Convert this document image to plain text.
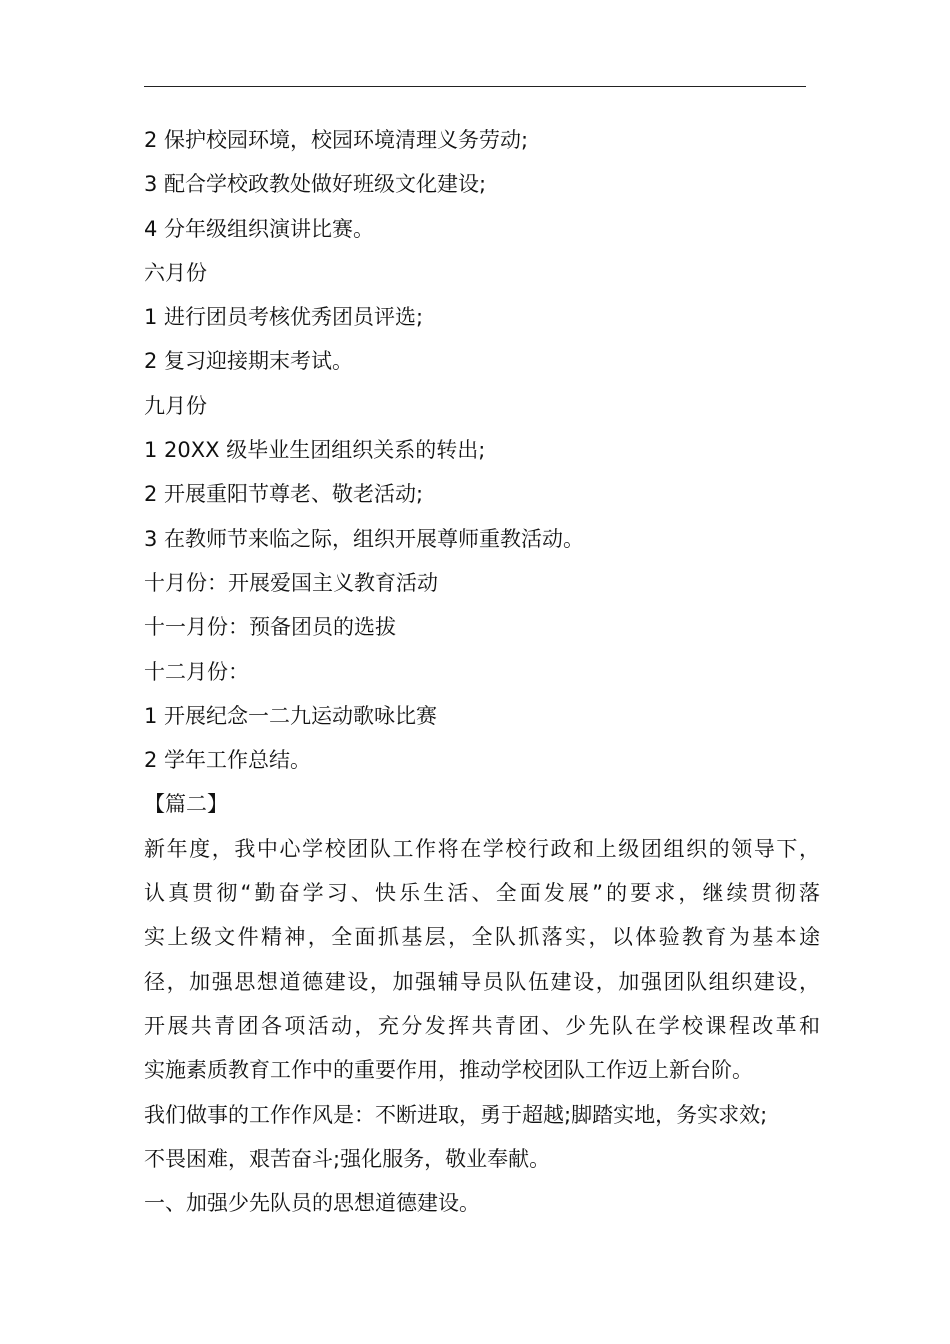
2 保护校园环境，校园环境清理义务劳动;
3 配合学校政教处做好班级文化建设;
4 分年级组织演讲比赛。
六月份
1 进行团员考核优秀团员评选;
2 复习迎接期末考试。
九月份
1 20XX 级毕业生团组织关系的转出;
2 开展重阳节尊老、敬老活动;
3 在教师节来临之际，组织开展尊师重教活动。
十月份：开展爱国主义教育活动
十一月份：预备团员的选拔
十二月份：
1 开展纪念一二九运动歌咏比赛
2 学年工作总结。
【篇二】
新年度，我中心学校团队工作将在学校行政和上级团组织的领导下，
认真贯彻“勤奋学习、快乐生活、全面发展”的要求，继续贯彻落
实上级文件精神，全面抓基层，全队抓落实，以体验教育为基本途
径，加强思想道德建设，加强辅导员队伍建设，加强团队组织建设，
开展共青团各项活动，充分发挥共青团、少先队在学校课程改革和
实施素质教育工作中的重要作用，推动学校团队工作迈上新台阶。
我们做事的工作作风是：不断进取，勇于超越;脚踏实地，务实求效;
不畏困难，艰苦奋斗;强化服务，敬业奉献。
一、加强少先队员的思想道德建设。
